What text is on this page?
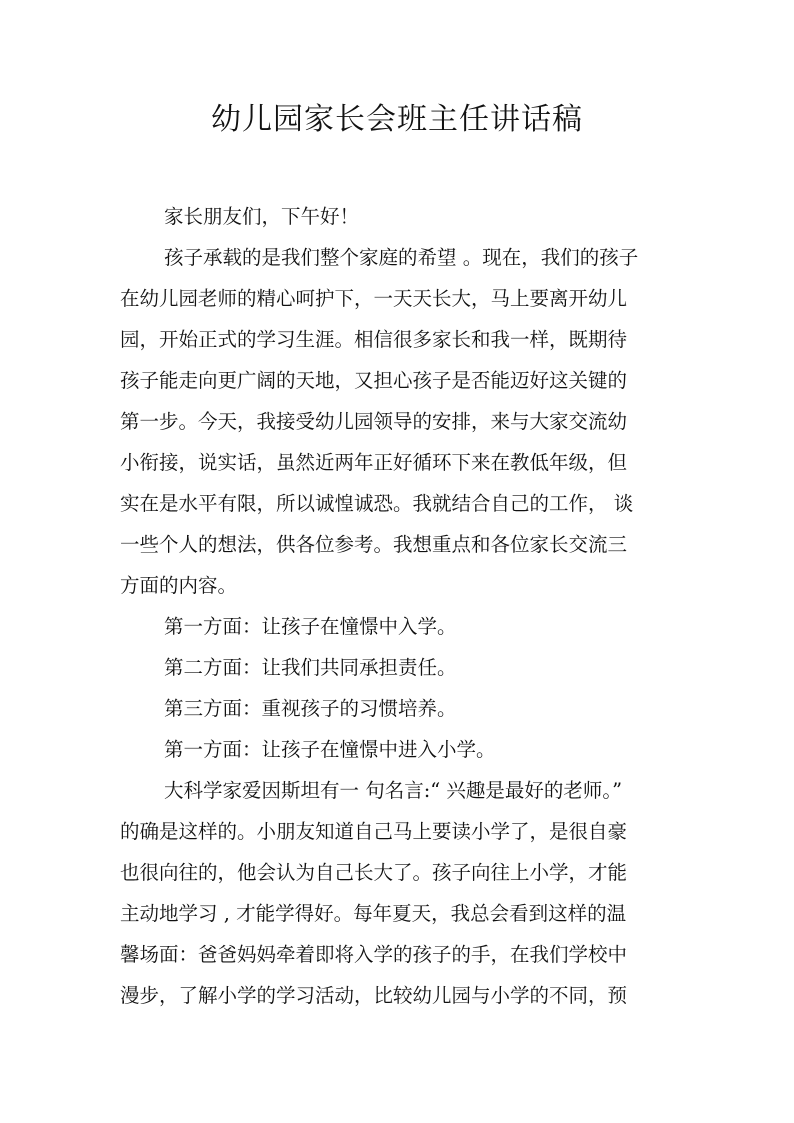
幼儿园家长会班主任讲话稿
家长朋友们，下午好！
孩子承载的是我们整个家庭的希望 。现在，我们的孩子
在幼儿园老师的精心呵护下，一天天长大，马上要离开幼儿
园，开始正式的学习生涯。相信很多家长和我一样，既期待
孩子能走向更广阔的天地，又担心孩子是否能迈好这关键的
第一步。今天，我接受幼儿园领导的安排，来与大家交流幼
小衔接，说实话，虽然近两年正好循环下来在教低年级，但
实在是水平有限，所以诚惶诚恐。我就结合自己的工作， 谈
一些个人的想法，供各位参考。我想重点和各位家长交流三
方面的内容。
第一方面：让孩子在憧憬中入学。
第二方面：让我们共同承担责任。
第三方面：重视孩子的习惯培养。
第一方面：让孩子在憧憬中进入小学。
大科学家爱因斯坦有一 句名言:“ 兴趣是最好的老师。”
的确是这样的。小朋友知道自己马上要读小学了，是很自豪
也很向往的，他会认为自己长大了。孩子向往上小学，才能
主动地学习 , 才能学得好。每年夏天，我总会看到这样的温
馨场面：爸爸妈妈牵着即将入学的孩子的手，在我们学校中
漫步，了解小学的学习活动，比较幼儿园与小学的不同，预
